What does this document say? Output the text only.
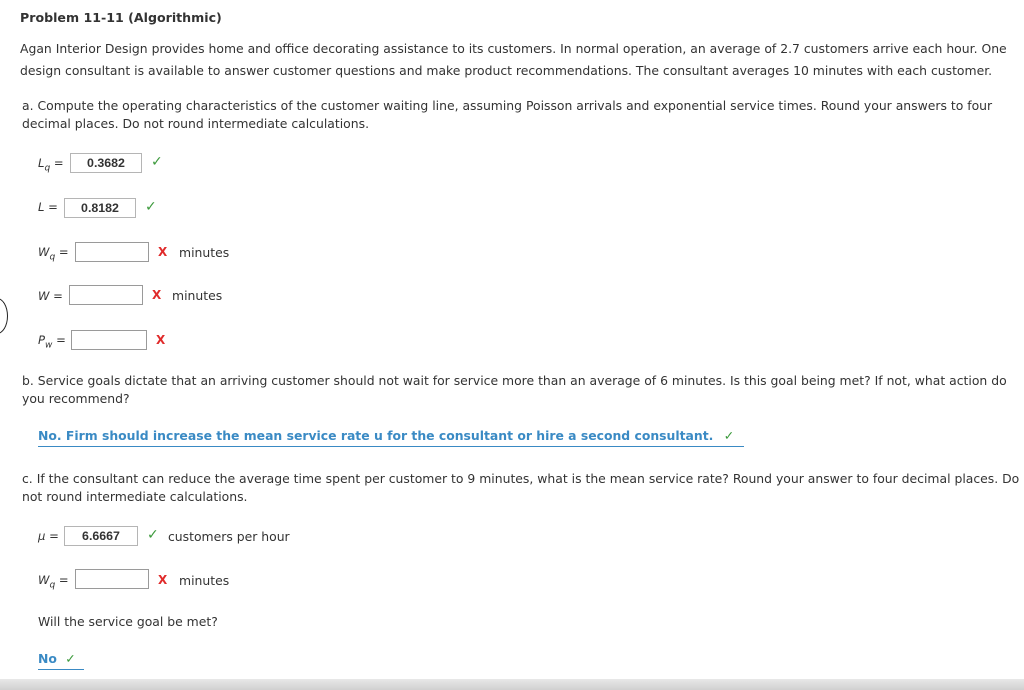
Problem 11-11 (Algorithmic)
Agan Interior Design provides home and office decorating assistance to its customers. In normal operation, an average of 2.7 customers arrive each hour. One design consultant is available to answer customer questions and make product recommendations. The consultant averages 10 minutes with each customer.
a. Compute the operating characteristics of the customer waiting line, assuming Poisson arrivals and exponential service times. Round your answers to four decimal places. Do not round intermediate calculations.
$L_q$ =
0.3682	✓
L =
0.8182	✓
$W_q$ =	X minutes
W =	X minutes
$P_w$ =	X
b. Service goals dictate that an arriving customer should not wait for service more than an average of 6 minutes. Is this goal being met? If not, what action do you recommend?
No. Firm should increase the mean service rate u for the consultant or hire a second consultant. ✓
c. If the consultant can reduce the average time spent per customer to 9 minutes, what is the mean service rate? Round your answer to four decimal places. Do not round intermediate calculations.
μ =
6.6667	✓ customers per hour
$W_q$ =	X minutes
Will the service goal be met?
No ✓
